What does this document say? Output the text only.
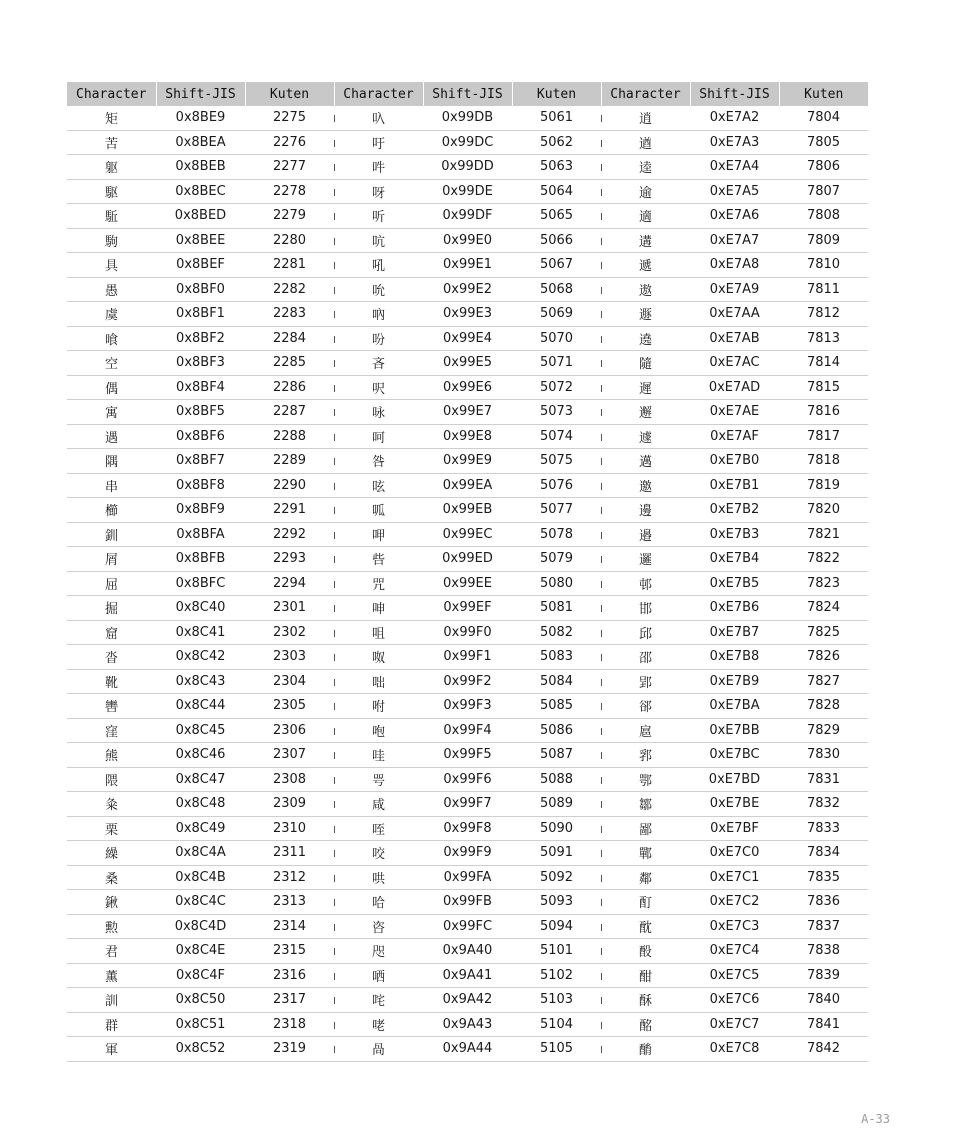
Character	Shift-JIS	Kuten	Character	Shift-JIS	Kuten	Character	Shift-JIS	Kuten
矩	0x8BE9	2275	叺	0x99DB	5061	逍	0xE7A2	7804
苦	0x8BEA	2276	吁	0x99DC	5062	遒	0xE7A3	7805
躯	0x8BEB	2277	吽	0x99DD	5063	逵	0xE7A4	7806
駆	0x8BEC	2278	呀	0x99DE	5064	逾	0xE7A5	7807
駈	0x8BED	2279	听	0x99DF	5065	適	0xE7A6	7808
駒	0x8BEE	2280	吭	0x99E0	5066	遘	0xE7A7	7809
具	0x8BEF	2281	吼	0x99E1	5067	遞	0xE7A8	7810
愚	0x8BF0	2282	吮	0x99E2	5068	遨	0xE7A9	7811
虞	0x8BF1	2283	吶	0x99E3	5069	遯	0xE7AA	7812
喰	0x8BF2	2284	吩	0x99E4	5070	遶	0xE7AB	7813
空	0x8BF3	2285	吝	0x99E5	5071	隨	0xE7AC	7814
偶	0x8BF4	2286	呎	0x99E6	5072	遲	0xE7AD	7815
寓	0x8BF5	2287	咏	0x99E7	5073	邂	0xE7AE	7816
遇	0x8BF6	2288	呵	0x99E8	5074	遽	0xE7AF	7817
隅	0x8BF7	2289	咎	0x99E9	5075	邁	0xE7B0	7818
串	0x8BF8	2290	呟	0x99EA	5076	邀	0xE7B1	7819
櫛	0x8BF9	2291	呱	0x99EB	5077	邊	0xE7B2	7820
釧	0x8BFA	2292	呷	0x99EC	5078	邉	0xE7B3	7821
屑	0x8BFB	2293	呰	0x99ED	5079	邏	0xE7B4	7822
屈	0x8BFC	2294	咒	0x99EE	5080	邨	0xE7B5	7823
掘	0x8C40	2301	呻	0x99EF	5081	邯	0xE7B6	7824
窟	0x8C41	2302	咀	0x99F0	5082	邱	0xE7B7	7825
沓	0x8C42	2303	呶	0x99F1	5083	邵	0xE7B8	7826
靴	0x8C43	2304	咄	0x99F2	5084	郢	0xE7B9	7827
轡	0x8C44	2305	咐	0x99F3	5085	郤	0xE7BA	7828
窪	0x8C45	2306	咆	0x99F4	5086	扈	0xE7BB	7829
熊	0x8C46	2307	哇	0x99F5	5087	郛	0xE7BC	7830
隈	0x8C47	2308	咢	0x99F6	5088	鄂	0xE7BD	7831
粂	0x8C48	2309	咸	0x99F7	5089	鄒	0xE7BE	7832
栗	0x8C49	2310	咥	0x99F8	5090	鄙	0xE7BF	7833
繰	0x8C4A	2311	咬	0x99F9	5091	鄲	0xE7C0	7834
桑	0x8C4B	2312	哄	0x99FA	5092	鄰	0xE7C1	7835
鍬	0x8C4C	2313	哈	0x99FB	5093	酊	0xE7C2	7836
勲	0x8C4D	2314	咨	0x99FC	5094	酖	0xE7C3	7837
君	0x8C4E	2315	咫	0x9A40	5101	酘	0xE7C4	7838
薫	0x8C4F	2316	哂	0x9A41	5102	酣	0xE7C5	7839
訓	0x8C50	2317	咤	0x9A42	5103	酥	0xE7C6	7840
群	0x8C51	2318	咾	0x9A43	5104	酩	0xE7C7	7841
軍	0x8C52	2319	咼	0x9A44	5105	酳	0xE7C8	7842
A-33
